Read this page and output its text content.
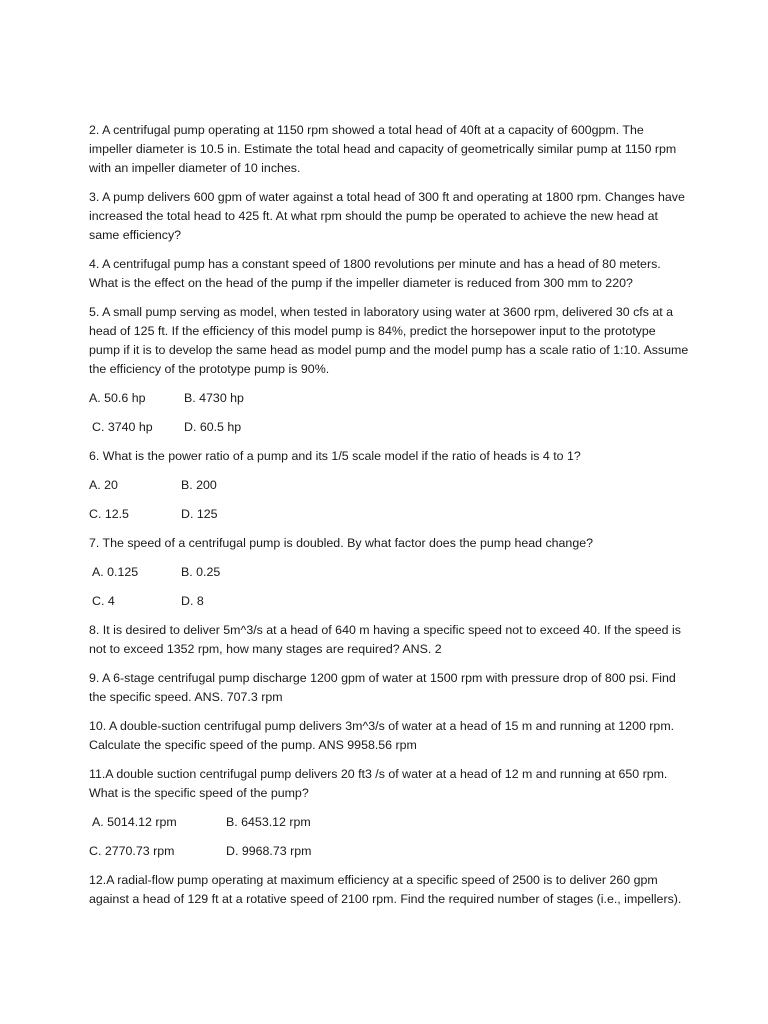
2. A centrifugal pump operating at 1150 rpm showed a total head of 40ft at a capacity of 600gpm. The impeller diameter is 10.5 in. Estimate the total head and capacity of geometrically similar pump at 1150 rpm with an impeller diameter of 10 inches.

3. A pump delivers 600 gpm of water against a total head of 300 ft and operating at 1800 rpm. Changes have increased the total head to 425 ft. At what rpm should the pump be operated to achieve the new head at same efficiency?

4. A centrifugal pump has a constant speed of 1800 revolutions per minute and has a head of 80 meters. What is the effect on the head of the pump if the impeller diameter is reduced from 300 mm to 220?

5. A small pump serving as model, when tested in laboratory using water at 3600 rpm, delivered 30 cfs at a head of 125 ft. If the efficiency of this model pump is 84%, predict the horsepower input to the prototype pump if it is to develop the same head as model pump and the model pump has a scale ratio of 1:10. Assume the efficiency of the prototype pump is 90%.

A. 50.6 hp	B. 4730 hp
C. 3740 hp	D. 60.5 hp

6. What is the power ratio of a pump and its 1/5 scale model if the ratio of heads is 4 to 1?

A. 20	B. 200
C. 12.5	D. 125

7. The speed of a centrifugal pump is doubled. By what factor does the pump head change?

A. 0.125	B. 0.25
C. 4	D. 8

8. It is desired to deliver 5m^3/s at a head of 640 m having a specific speed not to exceed 40. If the speed is not to exceed 1352 rpm, how many stages are required? ANS. 2

9. A 6-stage centrifugal pump discharge 1200 gpm of water at 1500 rpm with pressure drop of 800 psi. Find the specific speed. ANS. 707.3 rpm

10. A double-suction centrifugal pump delivers 3m^3/s of water at a head of 15 m and running at 1200 rpm. Calculate the specific speed of the pump. ANS 9958.56 rpm

11.A double suction centrifugal pump delivers 20 ft3 /s of water at a head of 12 m and running at 650 rpm. What is the specific speed of the pump?

A. 5014.12 rpm	B. 6453.12 rpm
C. 2770.73 rpm	D. 9968.73 rpm

12.A radial-flow pump operating at maximum efficiency at a specific speed of 2500 is to deliver 260 gpm against a head of 129 ft at a rotative speed of 2100 rpm. Find the required number of stages (i.e., impellers).
